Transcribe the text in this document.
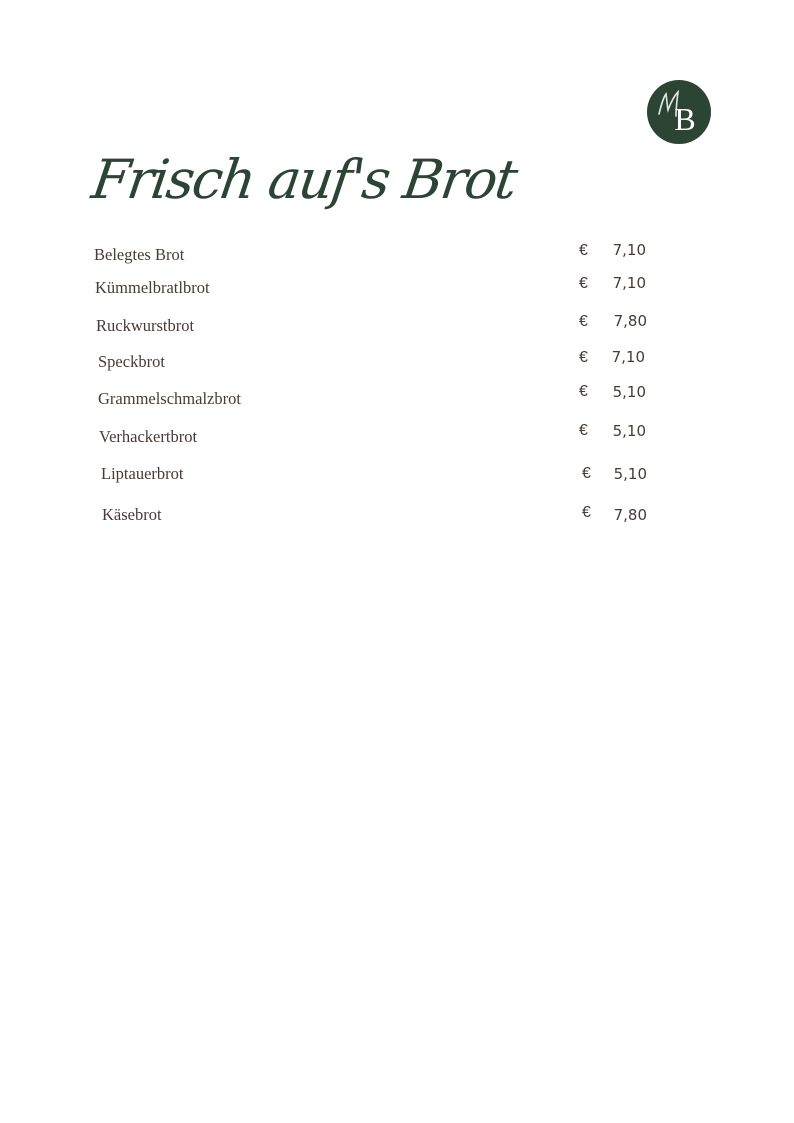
B
Frisch auf's Brot
Belegtes Brot	€	7,10
Kümmelbratlbrot	€	7,10
Ruckwurstbrot	€	7,80
Speckbrot	€	7,10
Grammelschmalzbrot	€	5,10
Verhackertbrot	€	5,10
Liptauerbrot	€	5,10
Käsebrot	€	7,80
